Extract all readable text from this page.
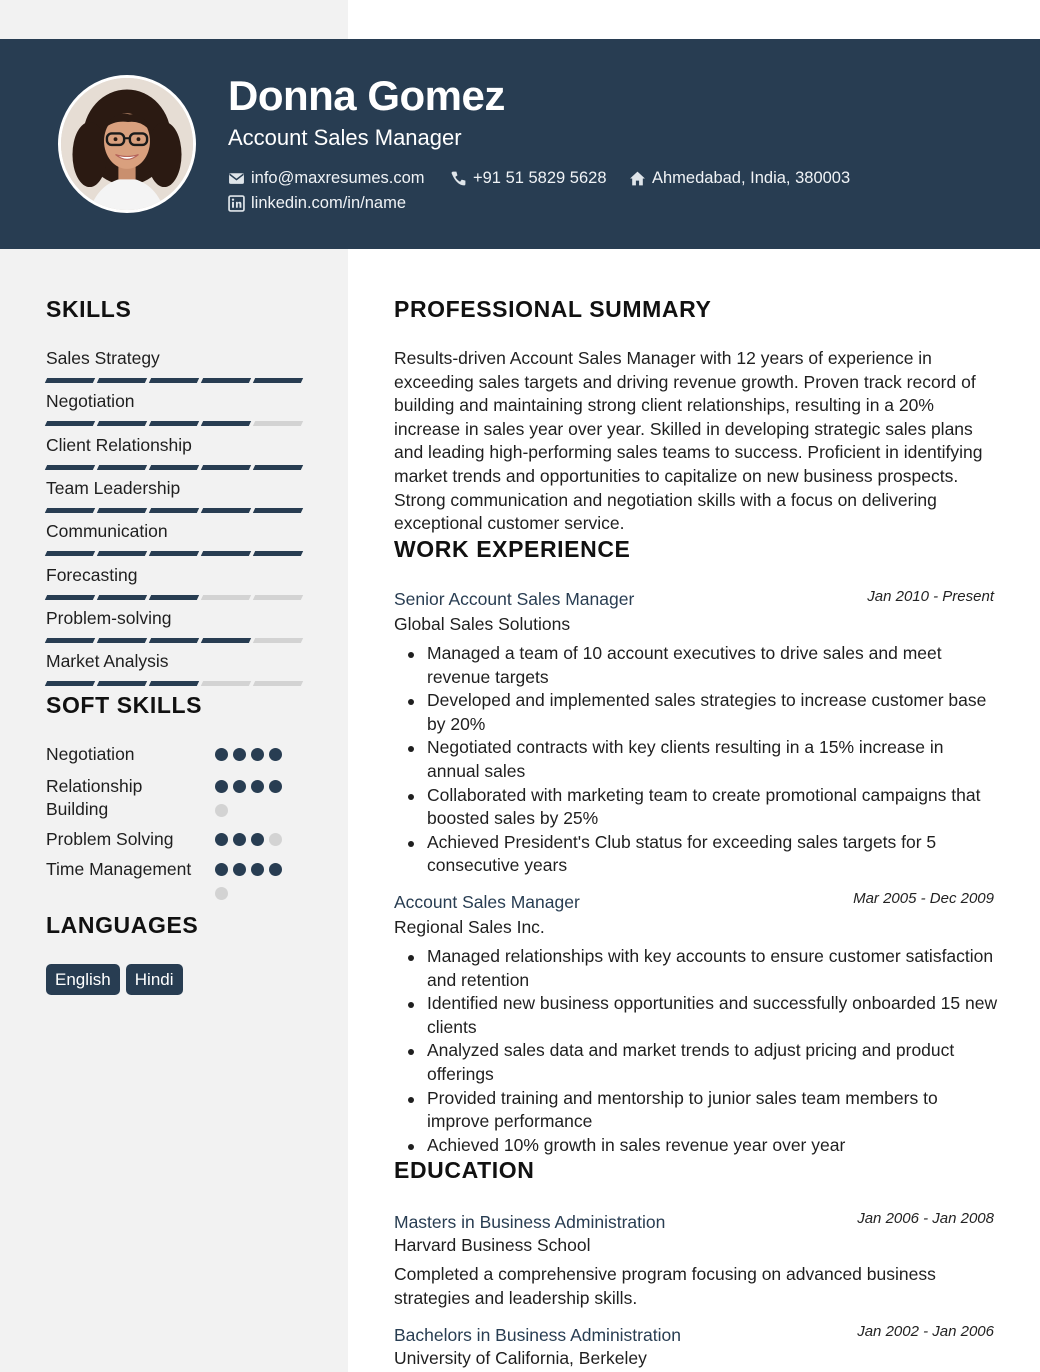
Donna Gomez
Account Sales Manager
info@maxresumes.com	+91 51 5829 5628	Ahmedabad, India, 380003
linkedin.com/in/name
SKILLS
Sales Strategy
Negotiation
Client Relationship
Team Leadership
Communication
Forecasting
Problem-solving
Market Analysis
SOFT SKILLS
Negotiation
Relationship Building
Problem Solving
Time Management
LANGUAGES
English	Hindi
PROFESSIONAL SUMMARY
Results-driven Account Sales Manager with 12 years of experience in exceeding sales targets and driving revenue growth. Proven track record of building and maintaining strong client relationships, resulting in a 20% increase in sales year over year. Skilled in developing strategic sales plans and leading high-performing sales teams to success. Proficient in identifying market trends and opportunities to capitalize on new business prospects. Strong communication and negotiation skills with a focus on delivering exceptional customer service.
WORK EXPERIENCE
Senior Account Sales Manager	Jan 2010 - Present
Global Sales Solutions
Managed a team of 10 account executives to drive sales and meet revenue targets
Developed and implemented sales strategies to increase customer base by 20%
Negotiated contracts with key clients resulting in a 15% increase in annual sales
Collaborated with marketing team to create promotional campaigns that boosted sales by 25%
Achieved President's Club status for exceeding sales targets for 5 consecutive years
Account Sales Manager	Mar 2005 - Dec 2009
Regional Sales Inc.
Managed relationships with key accounts to ensure customer satisfaction and retention
Identified new business opportunities and successfully onboarded 15 new clients
Analyzed sales data and market trends to adjust pricing and product offerings
Provided training and mentorship to junior sales team members to improve performance
Achieved 10% growth in sales revenue year over year
EDUCATION
Masters in Business Administration	Jan 2006 - Jan 2008
Harvard Business School
Completed a comprehensive program focusing on advanced business strategies and leadership skills.
Bachelors in Business Administration	Jan 2002 - Jan 2006
University of California, Berkeley
